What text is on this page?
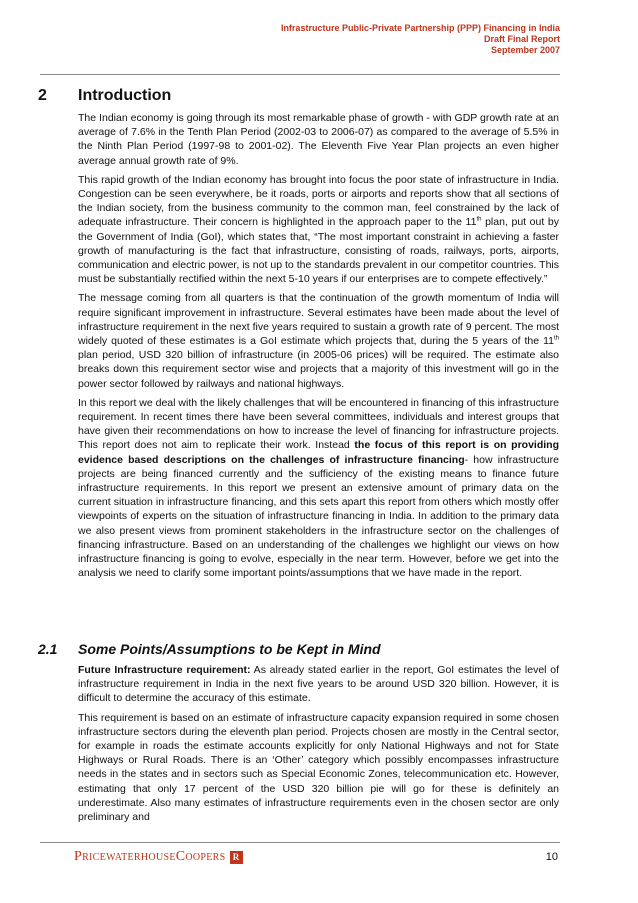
Infrastructure Public-Private Partnership (PPP) Financing in India
Draft Final Report
September 2007
2 Introduction

The Indian economy is going through its most remarkable phase of growth - with GDP growth rate at an average of 7.6% in the Tenth Plan Period (2002-03 to 2006-07) as compared to the average of 5.5% in the Ninth Plan Period (1997-98 to 2001-02). The Eleventh Five Year Plan projects an even higher average annual growth rate of 9%.

This rapid growth of the Indian economy has brought into focus the poor state of infrastructure in India. Congestion can be seen everywhere, be it roads, ports or airports and reports show that all sections of the Indian society, from the business community to the common man, feel constrained by the lack of adequate infrastructure. Their concern is highlighted in the approach paper to the 11th plan, put out by the Government of India (GoI), which states that, “The most important constraint in achieving a faster growth of manufacturing is the fact that infrastructure, consisting of roads, railways, ports, airports, communication and electric power, is not up to the standards prevalent in our competitor countries. This must be substantially rectified within the next 5-10 years if our enterprises are to compete effectively.”

The message coming from all quarters is that the continuation of the growth momentum of India will require significant improvement in infrastructure. Several estimates have been made about the level of infrastructure requirement in the next five years required to sustain a growth rate of 9 percent. The most widely quoted of these estimates is a GoI estimate which projects that, during the 5 years of the 11th plan period, USD 320 billion of infrastructure (in 2005-06 prices) will be required. The estimate also breaks down this requirement sector wise and projects that a majority of this investment will go in the power sector followed by railways and national highways.

In this report we deal with the likely challenges that will be encountered in financing of this infrastructure requirement. In recent times there have been several committees, individuals and interest groups that have given their recommendations on how to increase the level of financing for infrastructure projects. This report does not aim to replicate their work. Instead the focus of this report is on providing evidence based descriptions on the challenges of infrastructure financing- how infrastructure projects are being financed currently and the sufficiency of the existing means to finance future infrastructure requirements. In this report we present an extensive amount of primary data on the current situation in infrastructure financing, and this sets apart this report from others which mostly offer viewpoints of experts on the situation of infrastructure financing in India. In addition to the primary data we also present views from prominent stakeholders in the infrastructure sector on the challenges of financing infrastructure. Based on an understanding of the challenges we highlight our views on how infrastructure financing is going to evolve, especially in the near term. However, before we get into the analysis we need to clarify some important points/assumptions that we have made in the report.

2.1 Some Points/Assumptions to be Kept in Mind

Future Infrastructure requirement: As already stated earlier in the report, GoI estimates the level of infrastructure requirement in India in the next five years to be around USD 320 billion. However, it is difficult to determine the accuracy of this estimate.

This requirement is based on an estimate of infrastructure capacity expansion required in some chosen infrastructure sectors during the eleventh plan period. Projects chosen are mostly in the Central sector, for example in roads the estimate accounts explicitly for only National Highways and not for State Highways or Rural Roads. There is an ‘Other’ category which possibly encompasses infrastructure needs in the states and in sectors such as Special Economic Zones, telecommunication etc. However, estimating that only 17 percent of the USD 320 billion pie will go for these is definitely an underestimate. Also many estimates of infrastructure requirements even in the chosen sector are only preliminary and

PricewaterhouseCoopers R	10
